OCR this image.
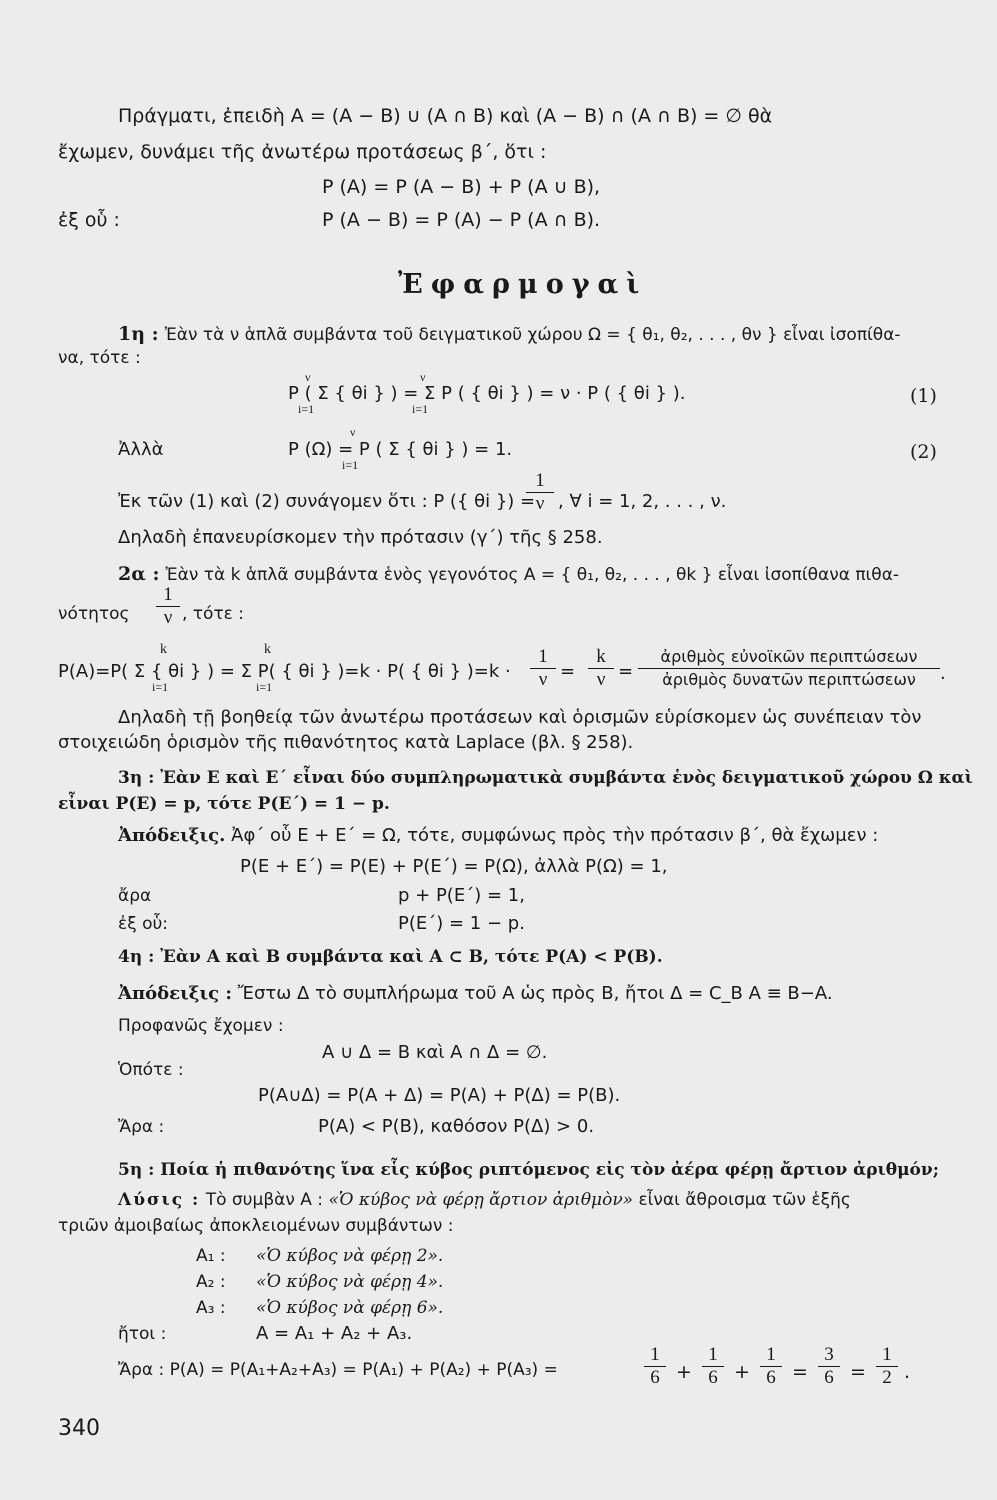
Πράγματι, ἐπειδὴ A = (A − B) ∪ (A ∩ B) καὶ (A − B) ∩ (A ∩ B) = ∅ θὰ
ἔχωμεν, δυνάμει τῆς ἀνωτέρω προτάσεως β΄, ὅτι :
P (A) = P (A − B) + P (A ∪ B),
ἐξ οὗ :	P (A − B) = P (A) − P (A ∩ B).
Ἐφαρμογαὶ
1η : Ἐὰν τὰ ν ἁπλᾶ συμβάντα τοῦ δειγματικοῦ χώρου Ω = { θ₁, θ₂, . . . , θν } εἶναι ἰσοπίθα-
να, τότε :
ν	ν
P ( Σ { θi } ) = Σ P ( { θi } ) = ν · P ( { θi } ).
i=1	i=1
(1)
ν
Ἀλλὰ	P (Ω) = P ( Σ { θi } ) = 1.
i=1
(2)
Ἐκ τῶν (1) καὶ (2) συνάγομεν ὅτι : P ({ θi }) =
$\frac{1}{\nu}$ , ∀ i = 1, 2, . . . , ν.
Δηλαδὴ ἐπανευρίσκομεν τὴν πρότασιν (γ΄) τῆς § 258.
2α : Ἐὰν τὰ k ἁπλᾶ συμβάντα ἑνὸς γεγονότος A = { θ₁, θ₂, . . . , θk } εἶναι ἰσοπίθανα πιθα-
νότητος $\frac{1}{\nu}$ , τότε :
k	k
P(A)=P( Σ { θi } ) = Σ P( { θi } )=k · P( { θi } )=k ·
i=1	i=1	$\frac{1}{\nu} = \frac{k}{\nu}$ =
ἀριθμὸς εὐνοϊκῶν περιπτώσεων
ἀριθμὸς δυνατῶν περιπτώσεων	.
Δηλαδὴ τῇ βοηθείᾳ τῶν ἀνωτέρω προτάσεων καὶ ὁρισμῶν εὑρίσκομεν ὡς συνέπειαν τὸν
στοιχειώδη ὁρισμὸν τῆς πιθανότητος κατὰ Laplace (βλ. § 258).
3η : Ἐὰν E καὶ E΄ εἶναι δύο συμπληρωματικὰ συμβάντα ἑνὸς δειγματικοῦ χώρου Ω καὶ
εἶναι P(E) = p, τότε P(E΄) = 1 − p.
Ἀπόδειξις. Ἀφ΄ οὗ E + E΄ = Ω, τότε, συμφώνως πρὸς τὴν πρότασιν β΄, θὰ ἔχωμεν :
P(E + E΄) = P(E) + P(E΄) = P(Ω), ἀλλὰ P(Ω) = 1,
ἄρα	p + P(E΄) = 1,
ἐξ οὗ:	P(E΄) = 1 − p.
4η : Ἐὰν A καὶ B συμβάντα καὶ A ⊂ B, τότε P(A) < P(B).
Ἀπόδειξις : Ἔστω Δ τὸ συμπλήρωμα τοῦ A ὡς πρὸς B, ἤτοι Δ = C_B A ≡ B−A.
Προφανῶς ἔχομεν :
A ∪ Δ = B καὶ A ∩ Δ = ∅.
Ὁπότε :
P(A∪Δ) = P(A + Δ) = P(A) + P(Δ) = P(B).
Ἄρα :	P(A) < P(B), καθόσον P(Δ) > 0.
5η : Ποία ἡ πιθανότης ἵνα εἷς κύβος ριπτόμενος εἰς τὸν ἀέρα φέρῃ ἄρτιον ἀριθμόν;
Λύσις : Τὸ συμβὰν A : «Ὁ κύβος νὰ φέρῃ ἄρτιον ἀριθμὸν» εἶναι ἄθροισμα τῶν ἑξῆς
τριῶν ἀμοιβαίως ἀποκλειομένων συμβάντων :
A₁ : «Ὁ κύβος νὰ φέρῃ 2».
A₂ : «Ὁ κύβος νὰ φέρῃ 4».
A₃ : «Ὁ κύβος νὰ φέρῃ 6».
ἤτοι :	A = A₁ + A₂ + A₃.
Ἄρα : P(A) = P(A₁+A₂+A₃) = P(A₁) + P(A₂) + P(A₃) =	$\frac{1}{6} + \frac{1}{6} + \frac{1}{6} = \frac{3}{6} = \frac{1}{2}$ .
340
